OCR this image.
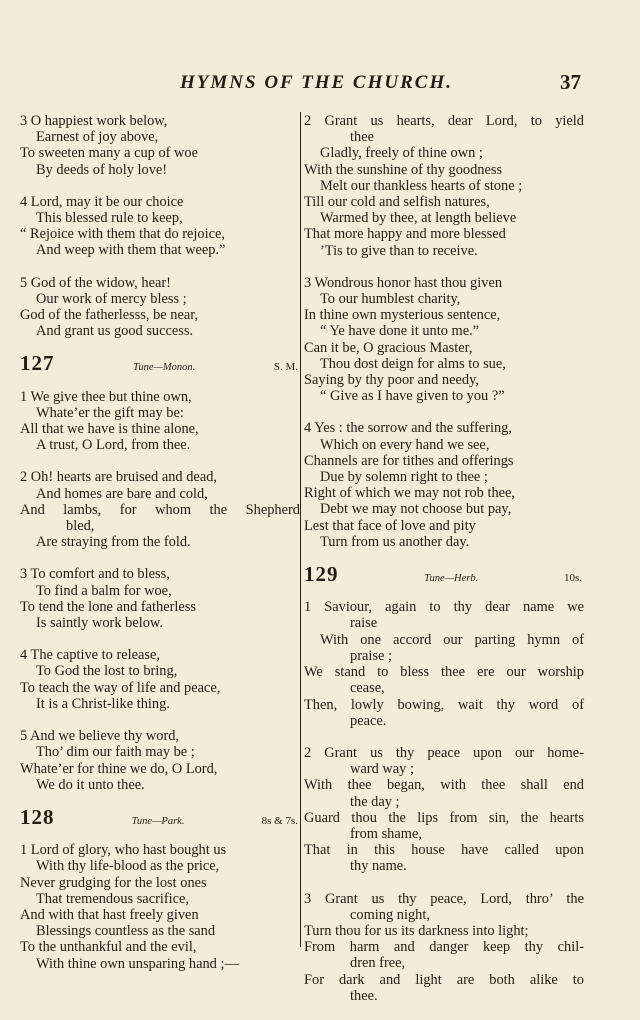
HYMNS OF THE CHURCH.	37
3 O happiest work below,
Earnest of joy above,
To sweeten many a cup of woe
By deeds of holy love!
4 Lord, may it be our choice
This blessed rule to keep,
“ Rejoice with them that do rejoice,
And weep with them that weep.”
5 God of the widow, hear!
Our work of mercy bless ;
God of the fatherlesss, be near,
And grant us good success.
127	Tune—Monon.	S. M.
1 We give thee but thine own,
Whate’er the gift may be:
All that we have is thine alone,
A trust, O Lord, from thee.
2 Oh! hearts are bruised and dead,
And homes are bare and cold,
And lambs, for whom the Shepherd
bled,
Are straying from the fold.
3 To comfort and to bless,
To find a balm for woe,
To tend the lone and fatherless
Is saintly work below.
4 The captive to release,
To God the lost to bring,
To teach the way of life and peace,
It is a Christ-like thing.
5 And we believe thy word,
Tho’ dim our faith may be ;
Whate’er for thine we do, O Lord,
We do it unto thee.
128	Tune—Park.	8s & 7s.
1 Lord of glory, who hast bought us
With thy life-blood as the price,
Never grudging for the lost ones
That tremendous sacrifice,
And with that hast freely given
Blessings countless as the sand
To the unthankful and the evil,
With thine own unsparing hand ;—
2 Grant us hearts, dear Lord, to yield
thee
Gladly, freely of thine own ;
With the sunshine of thy goodness
Melt our thankless hearts of stone ;
Till our cold and selfish natures,
Warmed by thee, at length believe
That more happy and more blessed
’Tis to give than to receive.
3 Wondrous honor hast thou given
To our humblest charity,
In thine own mysterious sentence,
“ Ye have done it unto me.”
Can it be, O gracious Master,
Thou dost deign for alms to sue,
Saying by thy poor and needy,
“ Give as I have given to you ?”
4 Yes : the sorrow and the suffering,
Which on every hand we see,
Channels are for tithes and offerings
Due by solemn right to thee ;
Right of which we may not rob thee,
Debt we may not choose but pay,
Lest that face of love and pity
Turn from us another day.
129	Tune—Herb.	10s.
1 Saviour, again to thy dear name we
raise
With one accord our parting hymn of
praise ;
We stand to bless thee ere our worship
cease,
Then, lowly bowing, wait thy word of
peace.
2 Grant us thy peace upon our home-
ward way ;
With thee began, with thee shall end
the day ;
Guard thou the lips from sin, the hearts
from shame,
That in this house have called upon
thy name.
3 Grant us thy peace, Lord, thro’ the
coming night,
Turn thou for us its darkness into light;
From harm and danger keep thy chil-
dren free,
For dark and light are both alike to
thee.
